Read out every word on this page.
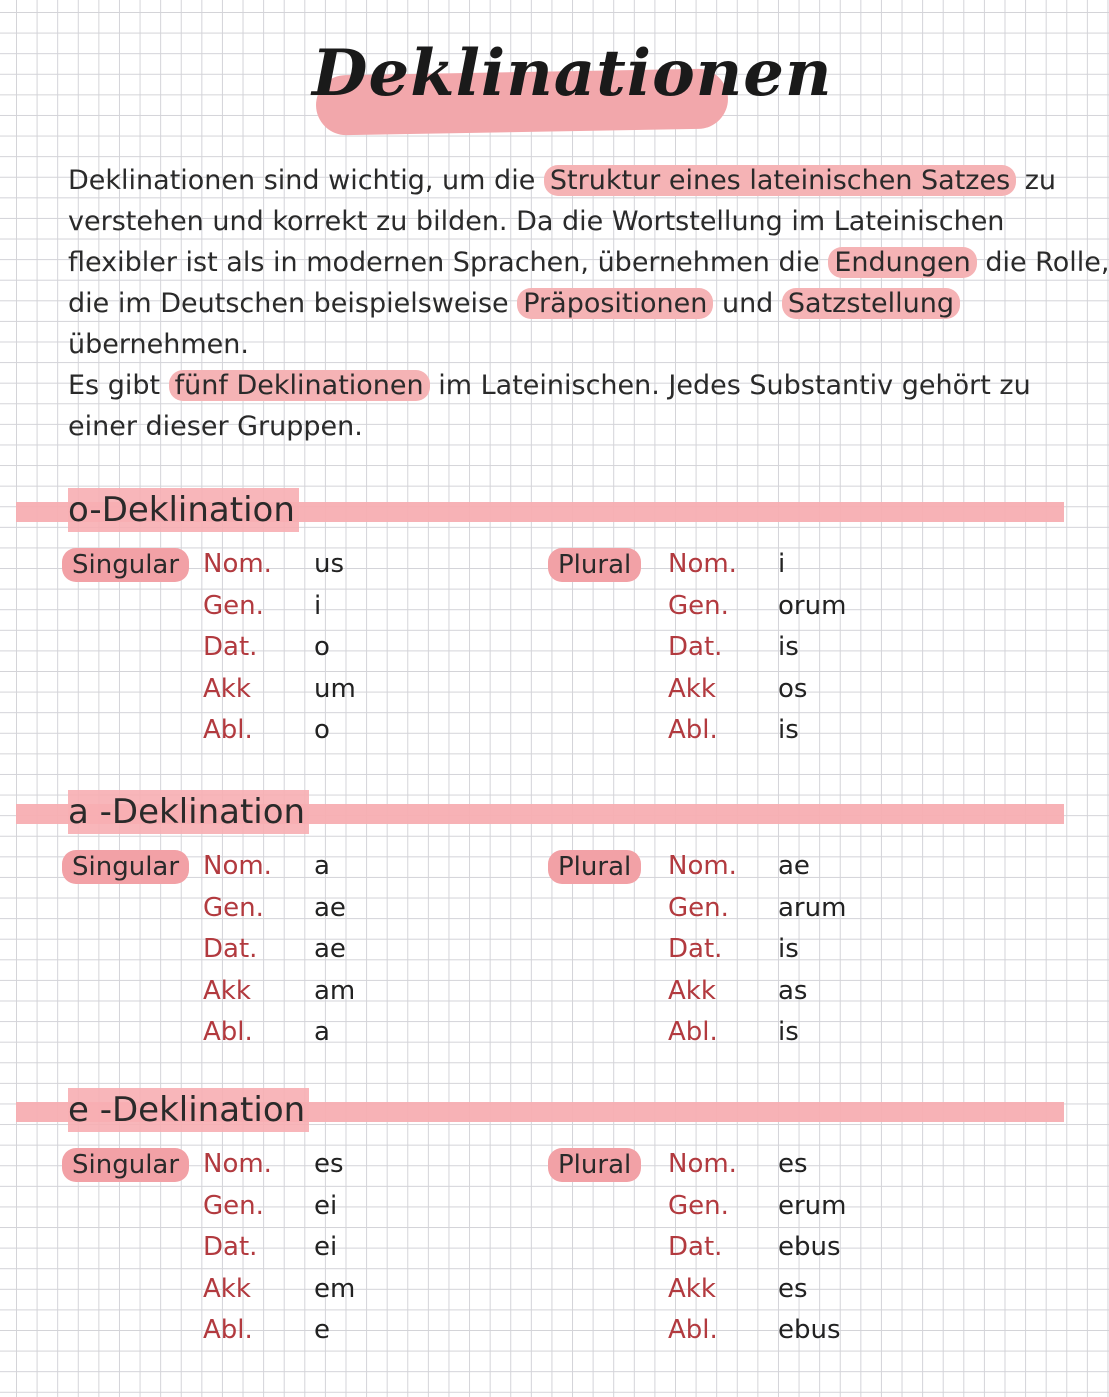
Deklinationen
Deklinationen sind wichtig, um die Struktur eines lateinischen Satzes zu
verstehen und korrekt zu bilden. Da die Wortstellung im Lateinischen
flexibler ist als in modernen Sprachen, übernehmen die Endungen die Rolle,
die im Deutschen beispielsweise Präpositionen und Satzstellung
übernehmen.
Es gibt fünf Deklinationen im Lateinischen. Jedes Substantiv gehört zu
einer dieser Gruppen.
o-Deklination
Singular	Plural
Nom. us	Nom. i
Gen. i	Gen. orum
Dat. o	Dat. is
Akk um	Akk os
Abl. o	Abl. is
a -Deklination
Singular	Plural
Nom. a	Nom. ae
Gen. ae	Gen. arum
Dat. ae	Dat. is
Akk am	Akk as
Abl. a	Abl. is
e -Deklination
Singular	Plural
Nom. es	Nom. es
Gen. ei	Gen. erum
Dat. ei	Dat. ebus
Akk em	Akk es
Abl. e	Abl. ebus
